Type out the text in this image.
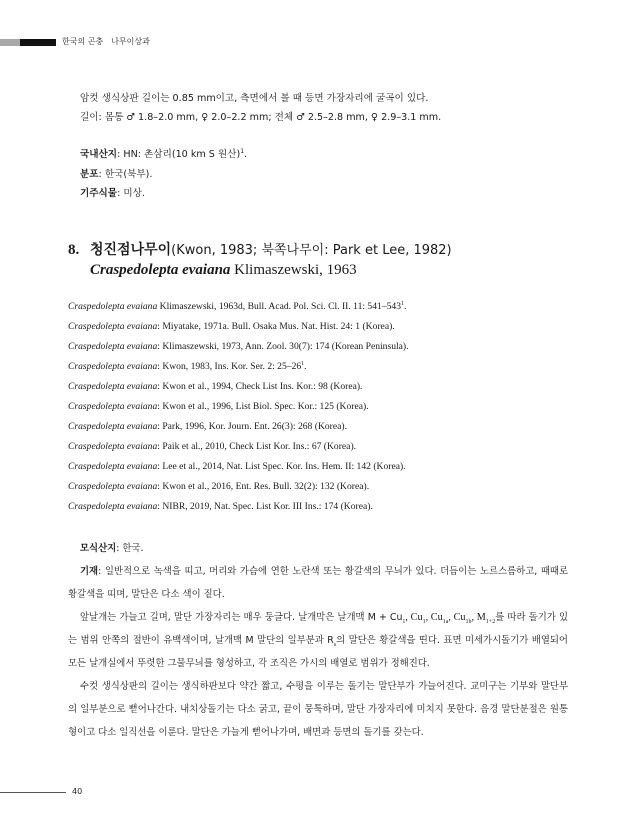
한국의 곤충 나무이상과
암컷 생식상판 길이는 0.85 mm이고, 측면에서 볼 때 등면 가장자리에 굴곡이 있다.
길이: 몸통 ♂ 1.8–2.0 mm, ♀ 2.0–2.2 mm; 전체 ♂ 2.5–2.8 mm, ♀ 2.9–3.1 mm.
국내산지: HN: 촌삼리(10 km S 원산)$^1$.
분포: 한국(북부).
기주식물: 미상.
8. 청진점나무이(Kwon, 1983; 북쪽나무이: Park et Lee, 1982)
Craspedolepta evaiana Klimaszewski, 1963
Craspedolepta evaiana Klimaszewski, 1963d, Bull. Acad. Pol. Sci. Cl. II. 11: $541-543^1$.
Craspedolepta evaiana: Miyatake, 1971a. Bull. Osaka Mus. Nat. Hist. 24: 1 (Korea).
Craspedolepta evaiana: Klimaszewski, 1973, Ann. Zool. 30(7): 174 (Korean Peninsula).
Craspedolepta evaiana: Kwon, 1983, Ins. Kor. Ser. 2: $25-26^1$.
Craspedolepta evaiana: Kwon et al., 1994, Check List Ins. Kor.: 98 (Korea).
Craspedolepta evaiana: Kwon et al., 1996, List Biol. Spec. Kor.: 125 (Korea).
Craspedolepta evaiana: Park, 1996, Kor. Journ. Ent. 26(3): 268 (Korea).
Craspedolepta evaiana: Paik et al., 2010, Check List Kor. Ins.: 67 (Korea).
Craspedolepta evaiana: Lee et al., 2014, Nat. List Spec. Kor. Ins. Hem. II: 142 (Korea).
Craspedolepta evaiana: Kwon et al., 2016, Ent. Res. Bull. 32(2): 132 (Korea).
Craspedolepta evaiana: NIBR, 2019, Nat. Spec. List Kor. III Ins.: 174 (Korea).
모식산지: 한국.
기재: 일반적으로 녹색을 띠고, 머리와 가슴에 연한 노란색 또는 황갈색의 무늬가 있다. 더듬이는 노르스름하고, 때때로 황갈색을 띠며, 말단은 다소 색이 짙다.
앞날개는 가늘고 길며, 말단 가장자리는 매우 둥글다. 날개막은 날개맥 $M + Cu_1$, $Cu_1$, $Cu_{1a}$, $Cu_{1b}$, $M_{1+2}$를 따라 돌기가 있는 범위 안쪽의 절반이 유백색이며, 날개맥 M 말단의 일부분과 $R_s$의 말단은 황갈색을 띤다. 표면 미세가시돌기가 배열되어 모든 날개실에서 뚜렷한 그물무늬를 형성하고, 각 조직은 가시의 배열로 범위가 정해진다.
수컷 생식상판의 길이는 생식하판보다 약간 짧고, 수평을 이루는 돌기는 말단부가 가늘어진다. 교미구는 기부와 말단부의 일부분으로 뻗어나간다. 내치상돌기는 다소 굵고, 끝이 뭉툭하며, 말단 가장자리에 미치지 못한다. 음경 말단분절은 원통형이고 다소 일직선을 이룬다. 말단은 가늘게 뻗어나가며, 배면과 등면의 돌기를 갖는다.
40
